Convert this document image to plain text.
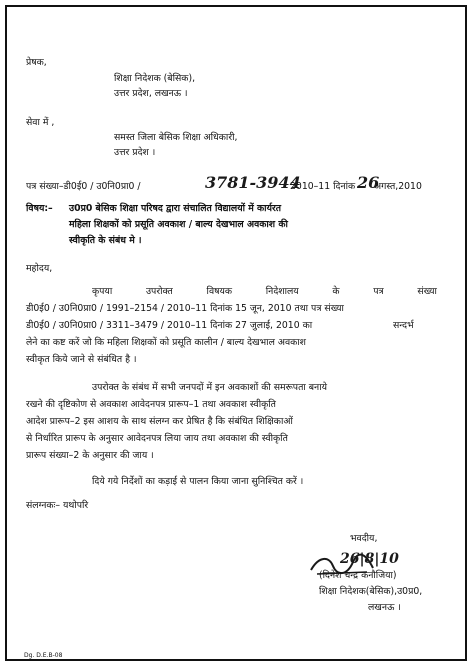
प्रेषक,
शिक्षा निदेशक (बेसिक),
उत्तर प्रदेश, लखनऊ ।
सेवा में ,
समस्त जिला बेसिक शिक्षा अधिकारी,
उत्तर प्रदेश ।
पत्र संख्या–डी0ई0 / उ0नि0प्रा0 /	3781-3944
2010–11 दिनांक 26
अगस्त,2010
विषय:– उ0प्र0 बेसिक शिक्षा परिषद द्वारा संचालित विद्यालयों में कार्यरत
महिला शिक्षकों को प्रसूति अवकाश / बाल्य देखभाल अवकाश की
स्वीकृति के संबंध मे ।
महोदय,
कृपया	उपरोक्त	विषयक	निदेशालय	के	पत्र	संख्या
डी0ई0 / उ0नि0प्रा0 / 1991–2154 / 2010–11 दिनांक 15 जून, 2010 तथा पत्र संख्या
डी0ई0 / उ0नि0प्रा0 / 3311–3479 / 2010–11 दिनांक 27 जुलाई, 2010 का	सन्दर्भ
लेने का कष्ट करें जो कि महिला शिक्षकों को प्रसूति कालीन / बाल्य देखभाल अवकाश
स्वीकृत किये जाने से संबंधित है ।
उपरोक्त के संबंध में सभी जनपदों में इन अवकाशों की समरूपता बनाये
रखने की दृष्टिकोण से अवकाश आवेदनपत्र प्रारूप–1 तथा अवकाश स्वीकृति
आदेश प्रारूप–2 इस आशय के साथ संलग्न कर प्रेषित है कि संबंधित शिक्षिकाओं
से निर्धारित प्रारूप के अनुसार आवेदनपत्र लिया जाय तथा अवकाश की स्वीकृति
प्रारूप संख्या–2 के अनुसार की जाय ।
दिये गये निर्देशों का कड़ाई से पालन किया जाना सुनिश्चित करें ।
संलग्नकः– यथोपरि
भवदीय,
26|8|10
(दिनेश चन्द्र कनौजिया)
शिक्षा निदेशक(बेसिक),उ0प्र0,
लखनऊ ।
Dg. D.E.B-08
